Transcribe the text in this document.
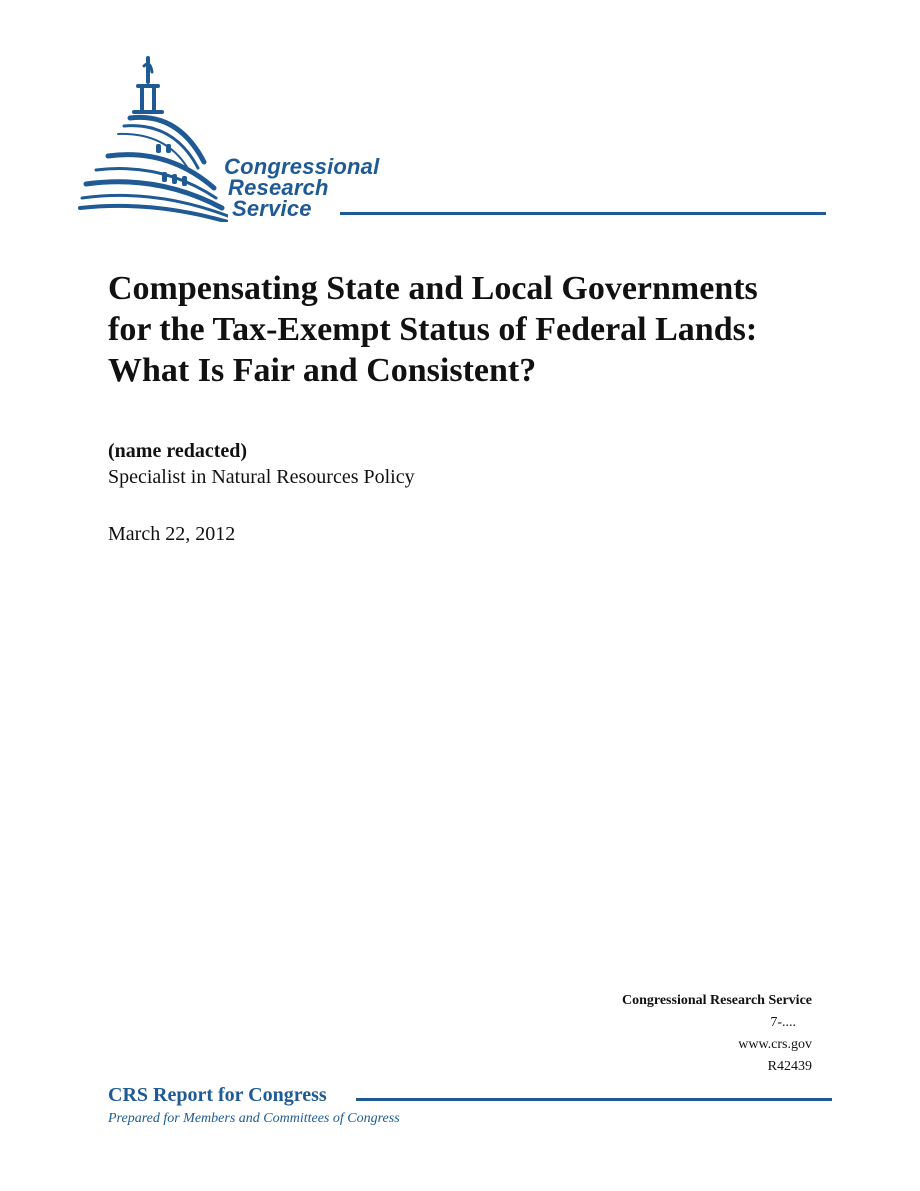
Congressional
Research
Service
Compensating State and Local Governments
for the Tax-Exempt Status of Federal Lands:
What Is Fair and Consistent?
(name redacted)
Specialist in Natural Resources Policy
March 22, 2012
Congressional Research Service
7-....
www.crs.gov
R42439
CRS Report for Congress
Prepared for Members and Committees of Congress
